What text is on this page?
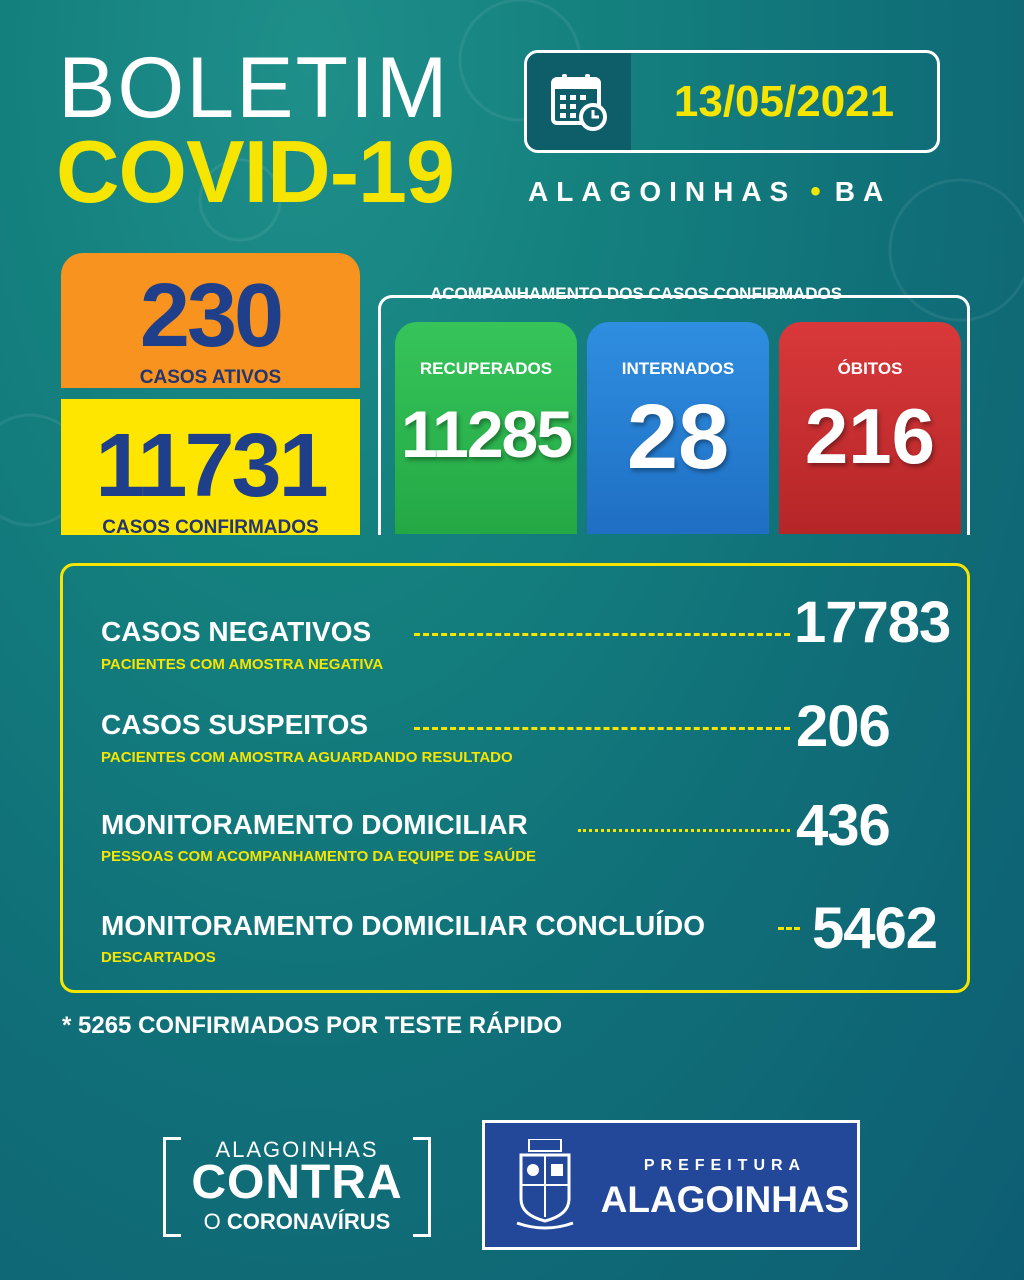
BOLETIM
COVID-19
13/05/2021
ALAGOINHAS • BA
230
CASOS ATIVOS
11731
CASOS CONFIRMADOS
ACOMPANHAMENTO DOS CASOS CONFIRMADOS
RECUPERADOS
11285
INTERNADOS
28
ÓBITOS
216
CASOS NEGATIVOS	17783
PACIENTES COM AMOSTRA NEGATIVA
CASOS SUSPEITOS	206
PACIENTES COM AMOSTRA AGUARDANDO RESULTADO
MONITORAMENTO DOMICILIAR	436
PESSOAS COM ACOMPANHAMENTO DA EQUIPE DE SAÚDE
MONITORAMENTO DOMICILIAR CONCLUÍDO 5462
DESCARTADOS
* 5265 CONFIRMADOS POR TESTE RÁPIDO
ALAGOINHAS
CONTRA
O CORONAVÍRUS
PREFEITURA
ALAGOINHAS
